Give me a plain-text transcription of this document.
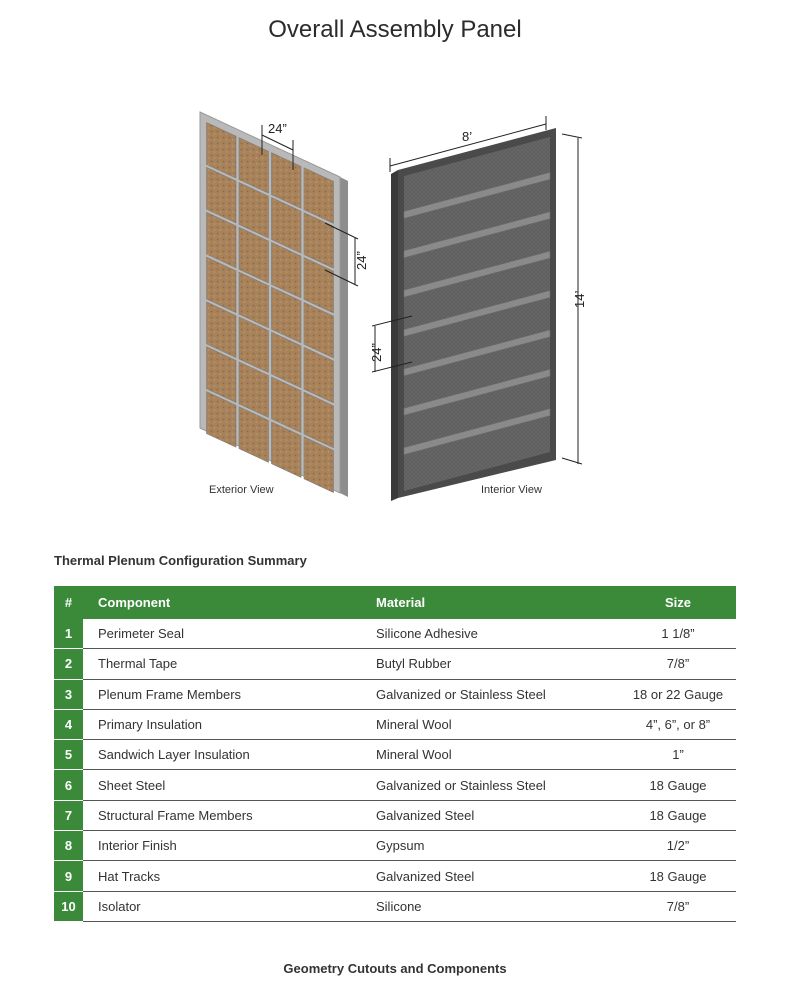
Overall Assembly Panel
24”
24”
8’
14’
24”
Exterior View	Interior View
Thermal Plenum Configuration Summary
#	Component	Material	Size
1	Perimeter Seal	Silicone Adhesive	1 1/8”
2	Thermal Tape	Butyl Rubber	7/8”
3	Plenum Frame Members	Galvanized or Stainless Steel	18 or 22 Gauge
4	Primary Insulation	Mineral Wool	4”, 6”, or 8”
5	Sandwich Layer Insulation	Mineral Wool	1”
6	Sheet Steel	Galvanized or Stainless Steel	18 Gauge
7	Structural Frame Members	Galvanized Steel	18 Gauge
8	Interior Finish	Gypsum	1/2”
9	Hat Tracks	Galvanized Steel	18 Gauge
10	Isolator	Silicone	7/8”
Geometry Cutouts and Components
